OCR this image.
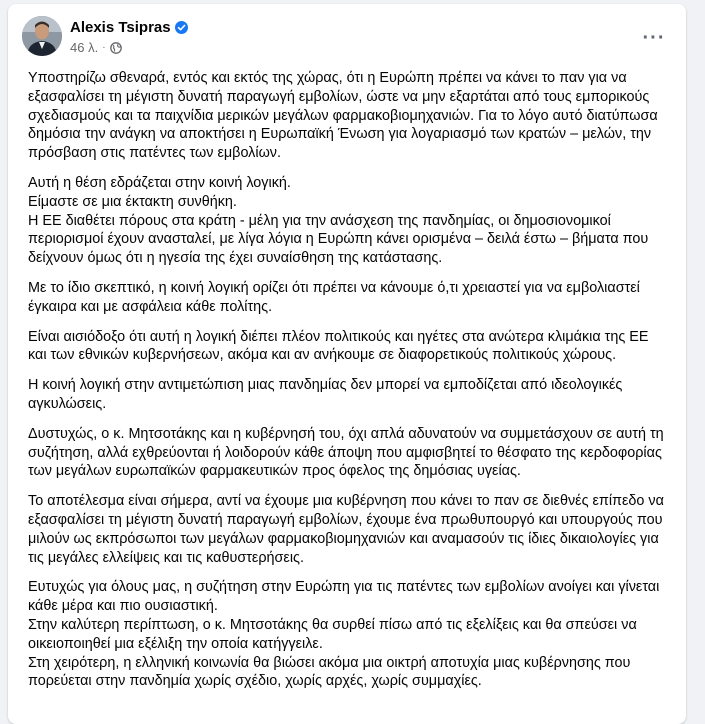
Alexis Tsipras
46 λ. ·	···
Υποστηρίζω σθεναρά, εντός και εκτός της χώρας, ότι η Ευρώπη πρέπει να κάνει το παν για να εξασφαλίσει τη μέγιστη δυνατή παραγωγή εμβολίων, ώστε να μην εξαρτάται από τους εμπορικούς σχεδιασμούς και τα παιχνίδια μερικών μεγάλων φαρμακοβιομηχανιών. Για το λόγο αυτό διατύπωσα δημόσια την ανάγκη να αποκτήσει η Ευρωπαϊκή Ένωση για λογαριασμό των κρατών – μελών, την πρόσβαση στις πατέντες των εμβολίων.
Αυτή η θέση εδράζεται στην κοινή λογική.
Είμαστε σε μια έκτακτη συνθήκη.
Η ΕΕ διαθέτει πόρους στα κράτη - μέλη για την ανάσχεση της πανδημίας, οι δημοσιονομικοί περιορισμοί έχουν ανασταλεί, με λίγα λόγια η Ευρώπη κάνει ορισμένα – δειλά έστω – βήματα που δείχνουν όμως ότι η ηγεσία της έχει συναίσθηση της κατάστασης.
Με το ίδιο σκεπτικό, η κοινή λογική ορίζει ότι πρέπει να κάνουμε ό,τι χρειαστεί για να εμβολιαστεί έγκαιρα και με ασφάλεια κάθε πολίτης.
Είναι αισιόδοξο ότι αυτή η λογική διέπει πλέον πολιτικούς και ηγέτες στα ανώτερα κλιμάκια της ΕΕ και των εθνικών κυβερνήσεων, ακόμα και αν ανήκουμε σε διαφορετικούς πολιτικούς χώρους.
Η κοινή λογική στην αντιμετώπιση μιας πανδημίας δεν μπορεί να εμποδίζεται από ιδεολογικές αγκυλώσεις.
Δυστυχώς, ο κ. Μητσοτάκης και η κυβέρνησή του, όχι απλά αδυνατούν να συμμετάσχουν σε αυτή τη συζήτηση, αλλά εχθρεύονται ή λοιδορούν κάθε άποψη που αμφισβητεί το θέσφατο της κερδοφορίας των μεγάλων ευρωπαϊκών φαρμακευτικών προς όφελος της δημόσιας υγείας.
Το αποτέλεσμα είναι σήμερα, αντί να έχουμε μια κυβέρνηση που κάνει το παν σε διεθνές επίπεδο να εξασφαλίσει τη μέγιστη δυνατή παραγωγή εμβολίων, έχουμε ένα πρωθυπουργό και υπουργούς που μιλούν ως εκπρόσωποι των μεγάλων φαρμακοβιομηχανιών και αναμασούν τις ίδιες δικαιολογίες για τις μεγάλες ελλείψεις και τις καθυστερήσεις.
Ευτυχώς για όλους μας, η συζήτηση στην Ευρώπη για τις πατέντες των εμβολίων ανοίγει και γίνεται κάθε μέρα και πιο ουσιαστική.
Στην καλύτερη περίπτωση, ο κ. Μητσοτάκης θα συρθεί πίσω από τις εξελίξεις και θα σπεύσει να οικειοποιηθεί μια εξέλιξη την οποία κατήγγειλε.
Στη χειρότερη, η ελληνική κοινωνία θα βιώσει ακόμα μια οικτρή αποτυχία μιας κυβέρνησης που πορεύεται στην πανδημία χωρίς σχέδιο, χωρίς αρχές, χωρίς συμμαχίες.
